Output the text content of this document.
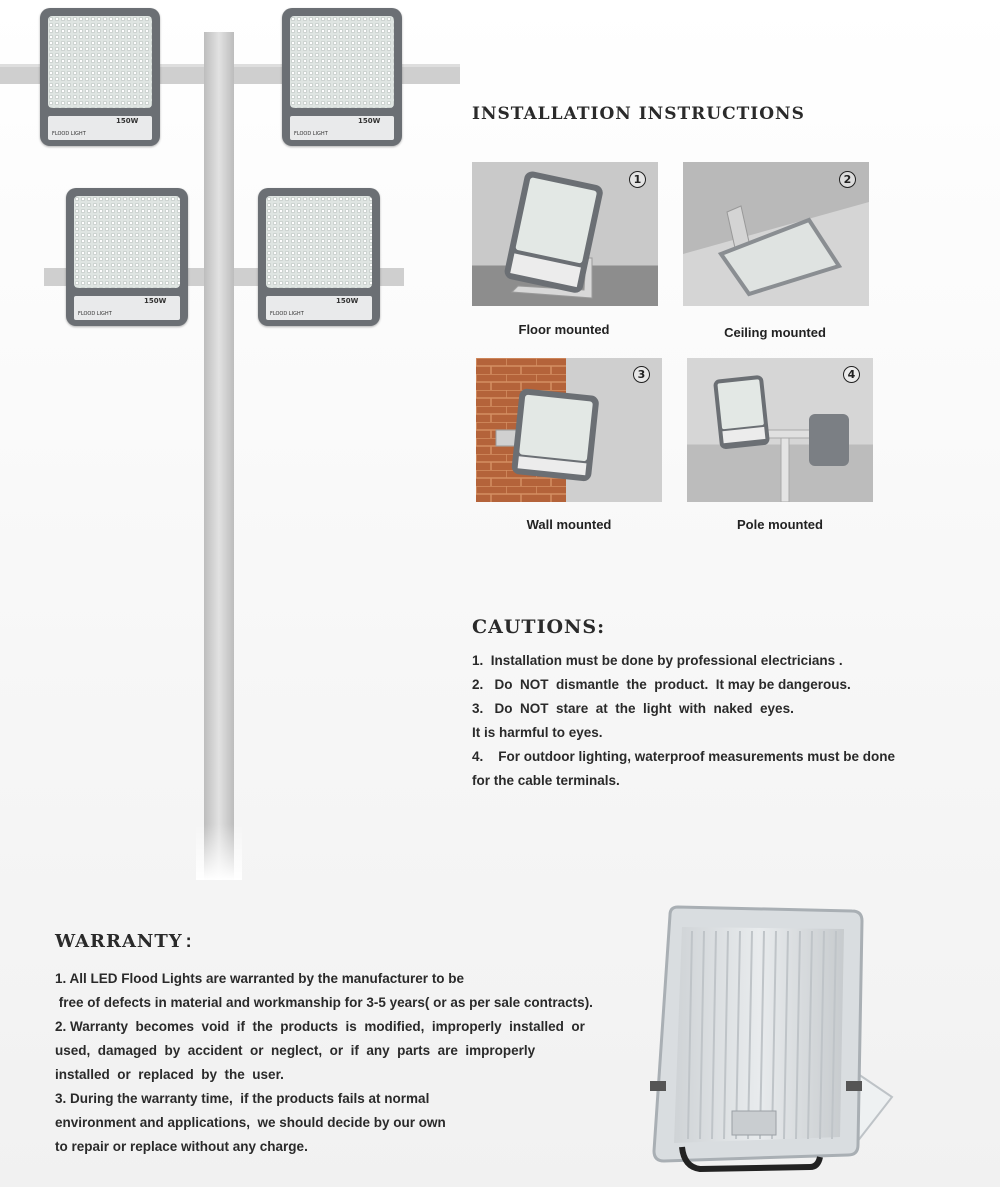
150W
FLOOD LIGHT
150W
FLOOD LIGHT
150W
FLOOD LIGHT
150W
FLOOD LIGHT
INSTALLATION INSTRUCTIONS
1
Floor mounted
2
Ceiling mounted
3
Wall mounted
4
Pole mounted
CAUTIONS:
1.  Installation must be done by professional electricians .
2.   Do  NOT  dismantle  the  product.  It may be dangerous.
3.   Do  NOT  stare  at  the  light  with  naked  eyes.
It is harmful to eyes.
4.    For outdoor lighting, waterproof measurements must be done
for the cable terminals.
WARRANTY :
1. All LED Flood Lights are warranted by the manufacturer to be
free of defects in material and workmanship for 3-5 years( or as per sale contracts).
2. Warranty  becomes  void  if  the  products  is  modified,  improperly  installed  or
used,  damaged  by  accident  or  neglect,  or  if  any  parts  are  improperly
installed  or  replaced  by  the  user.
3. During the warranty time,  if the products fails at normal
environment and applications,  we should decide by our own
to repair or replace without any charge.
